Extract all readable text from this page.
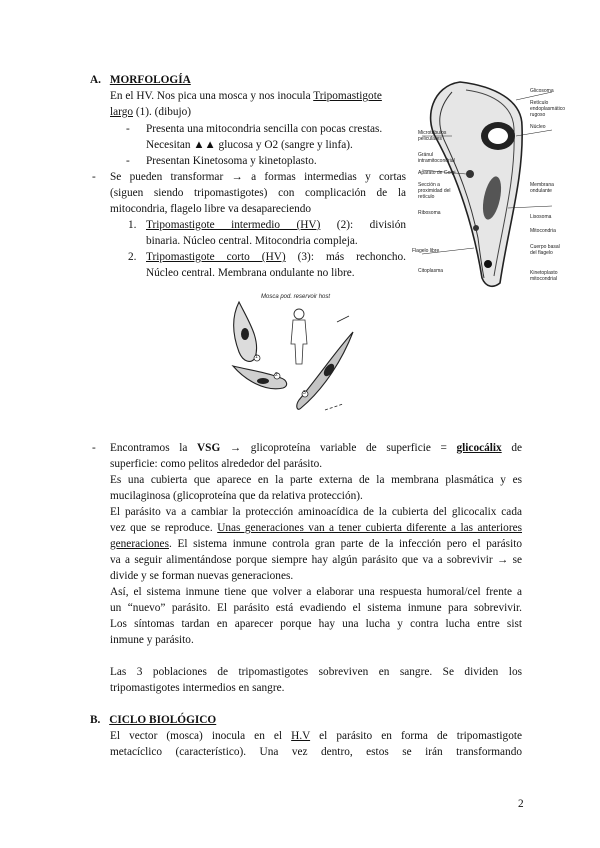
A. MORFOLOGÍA
En el HV. Nos pica una mosca y nos inocula Tripomastigote
largo (1). (dibujo)
- Presenta una mitocondria sencilla con pocas crestas.
Necesitan ▲▲ glucosa y O2 (sangre y linfa).
- Presentan Kinetosoma y kinetoplasto.
- Se pueden transformar → a formas intermedias y cortas
(siguen siendo tripomastigotes) con complicación de la
mitocondria, flagelo libre va desapareciendo
1. Tripomastigote intermedio (HV) (2): división
binaria. Núcleo central. Mitocondria compleja.
2. Tripomastigote corto (HV) (3): más rechoncho.
Núcleo central. Membrana ondulante no libre.
Microtúbulos peliculares
Gránul intramitocondrial
Aparato de Golgi
Sección a proximidad del retículo
Ribosoma
Flagelo libre
Citoplasma
Glicosoma
Retículo endoplasmático rugoso
Núcleo
Membrana ondulante
Lisosoma
Mitocondria
Cuerpo basal del flagelo
Kinetoplasto mitocondrial
Mosca pod. reservoir host
1
2
3
- Encontramos la VSG → glicoproteína variable de superficie = glicocálix de
superficie: como pelitos alrededor del parásito.
Es una cubierta que aparece en la parte externa de la membrana plasmática y es
mucilaginosa (glicoproteína que da relativa protección).
El parásito va a cambiar la protección aminoacídica de la cubierta del glicocalix cada
vez que se reproduce. Unas generaciones van a tener cubierta diferente a las anteriores
generaciones. El sistema inmune controla gran parte de la infección pero el parásito
va a seguir alimentándose porque siempre hay algún parásito que va a sobrevivir → se
divide y se forman nuevas generaciones.
Así, el sistema inmune tiene que volver a elaborar una respuesta humoral/cel frente a
un “nuevo” parásito. El parásito está evadiendo el sistema inmune para sobrevivir.
Los síntomas tardan en aparecer porque hay una lucha y contra lucha entre sist
inmune y parásito.
Las 3 poblaciones de tripomastigotes sobreviven en sangre. Se dividen los
tripomastigotes intermedios en sangre.
B. CICLO BIOLÓGICO
El vector (mosca) inocula en el H.V el parásito en forma de tripomastigote
metacíclico (característico). Una vez dentro, estos se irán transformando
2
